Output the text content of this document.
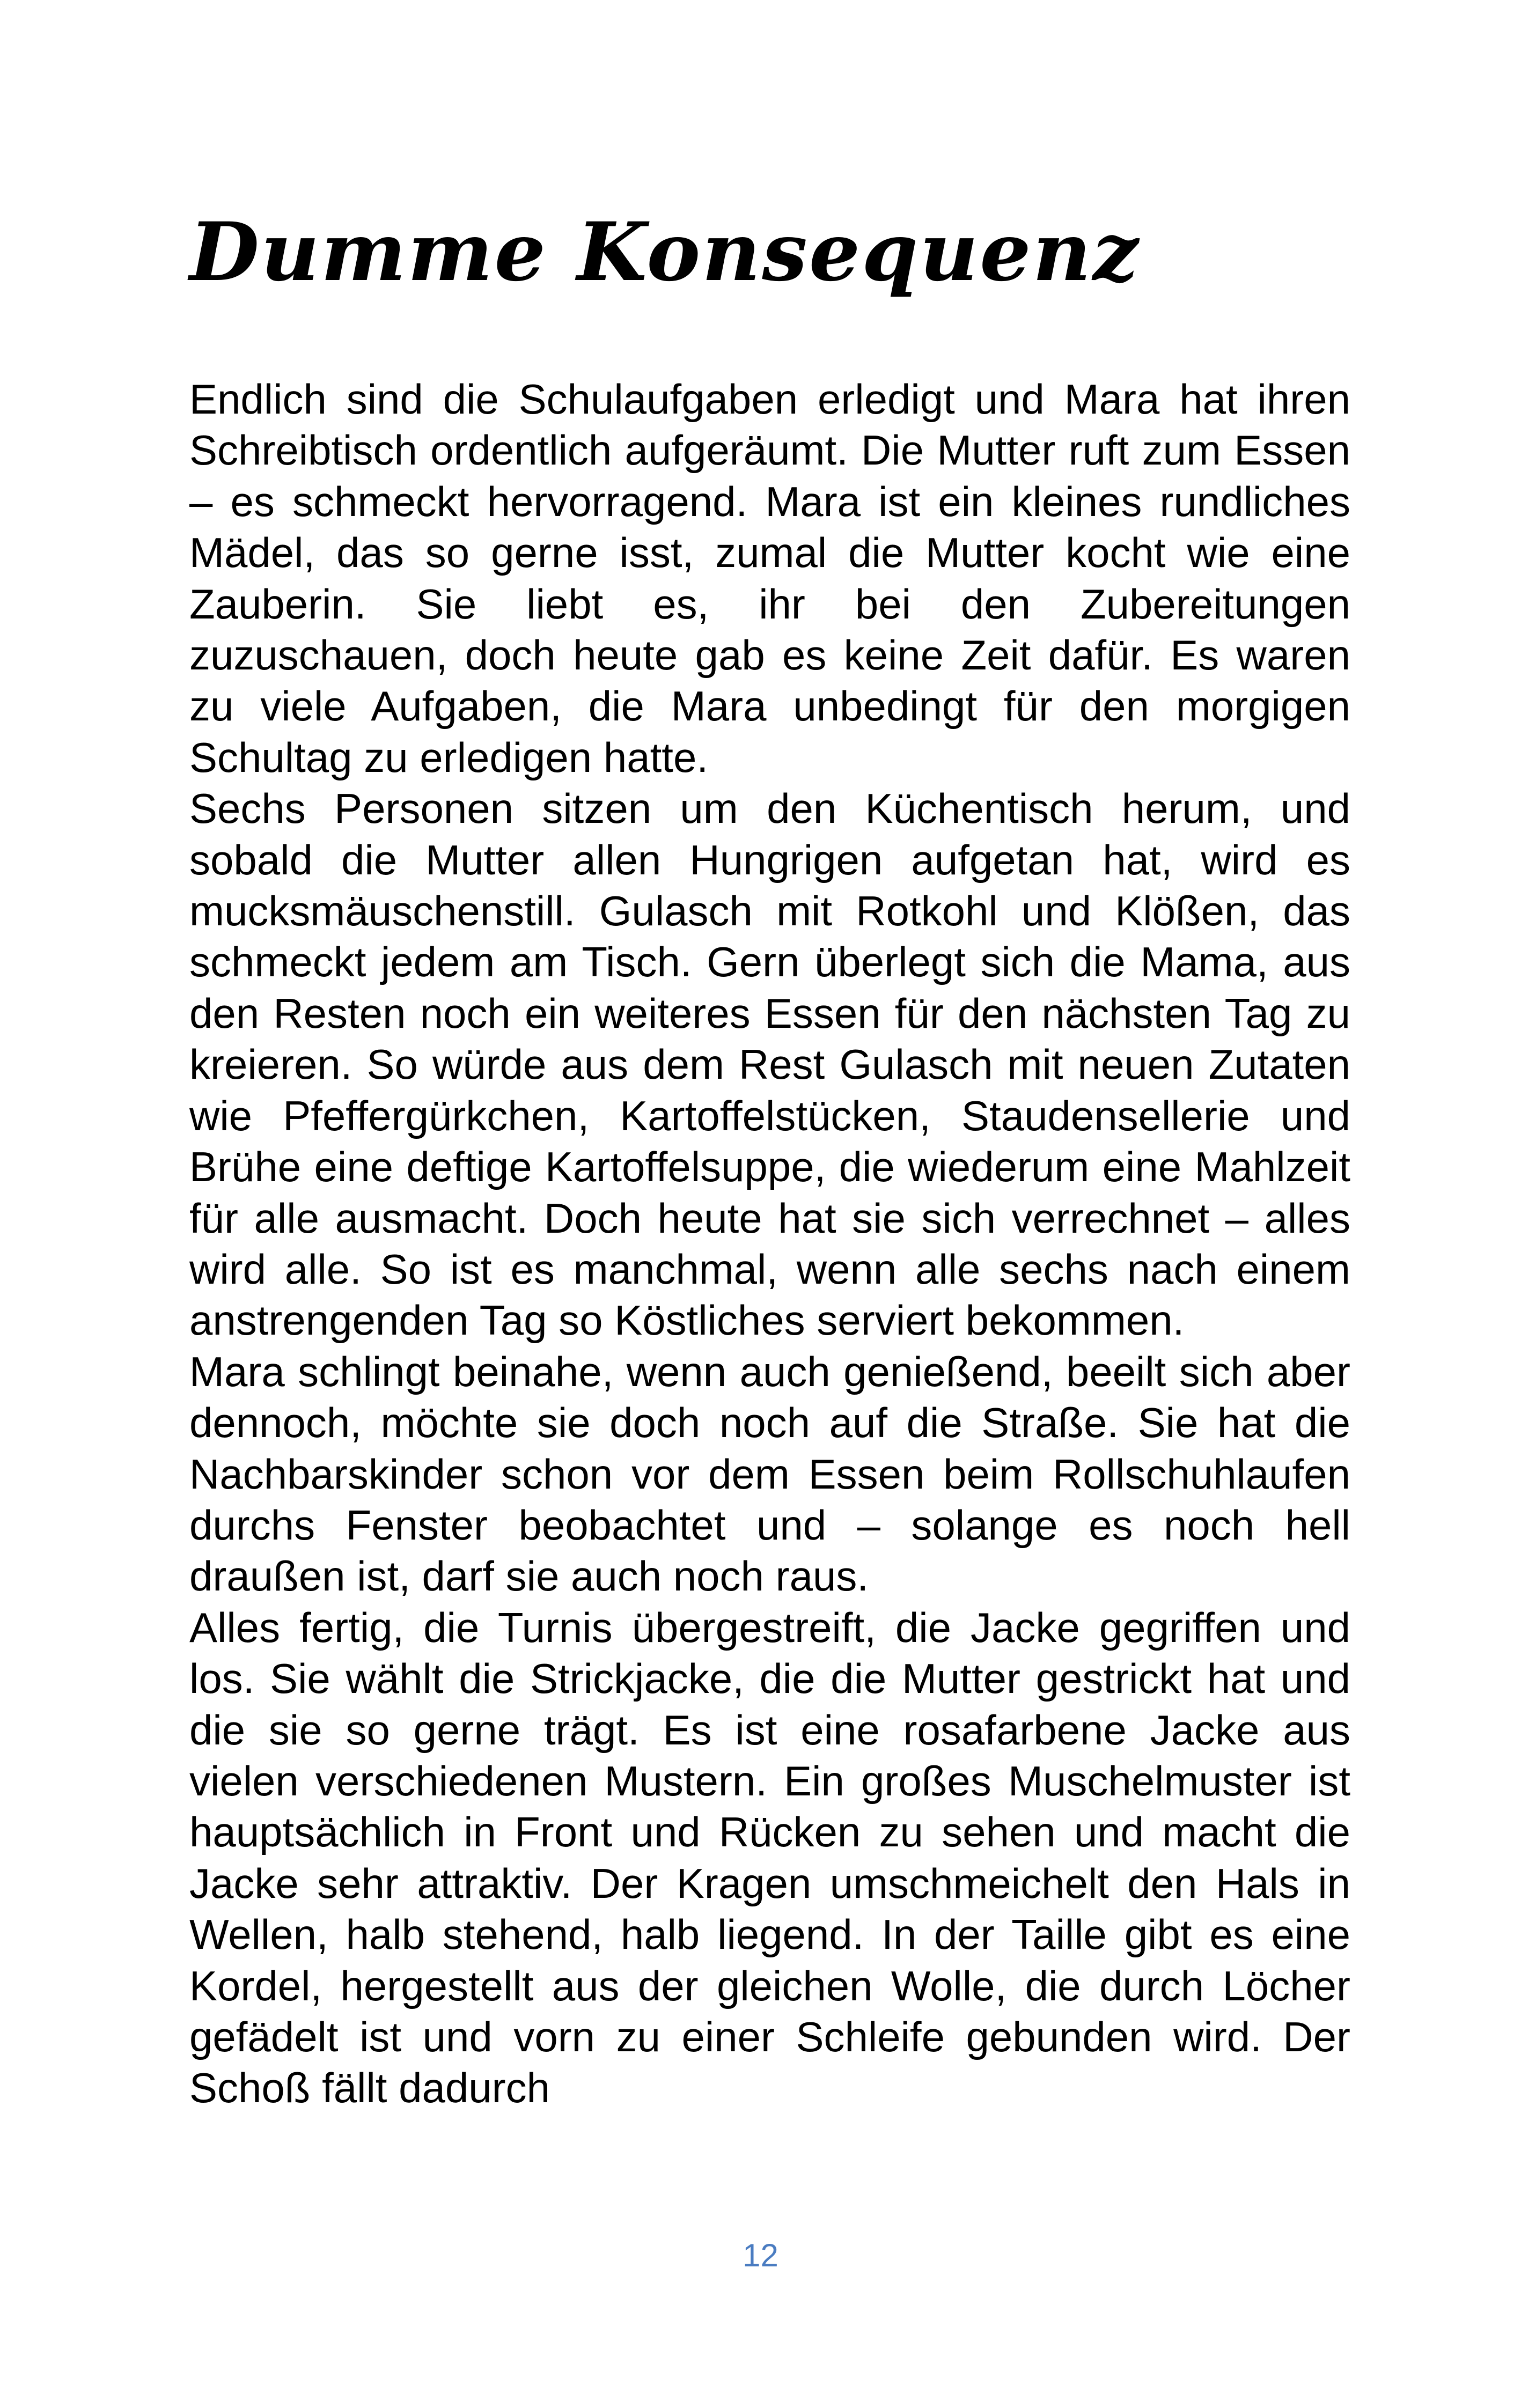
Dumme Konsequenz

Endlich sind die Schulaufgaben erledigt und Mara hat ihren Schreibtisch ordentlich aufgeräumt. Die Mutter ruft zum Essen – es schmeckt hervorragend. Mara ist ein kleines rundliches Mädel, das so gerne isst, zumal die Mutter kocht wie eine Zauberin. Sie liebt es, ihr bei den Zubereitungen zuzuschauen, doch heute gab es keine Zeit dafür. Es waren zu viele Aufgaben, die Mara unbedingt für den morgigen Schultag zu erledigen hatte.

Sechs Personen sitzen um den Küchentisch herum, und sobald die Mutter allen Hungrigen aufgetan hat, wird es mucksmäuschenstill. Gulasch mit Rotkohl und Klößen, das schmeckt jedem am Tisch. Gern überlegt sich die Mama, aus den Resten noch ein weiteres Essen für den nächsten Tag zu kreieren. So würde aus dem Rest Gulasch mit neuen Zutaten wie Pfeffergürkchen, Kartoffelstücken, Staudensellerie und Brühe eine deftige Kartoffelsuppe, die wiederum eine Mahlzeit für alle ausmacht. Doch heute hat sie sich verrechnet – alles wird alle. So ist es manchmal, wenn alle sechs nach einem anstrengenden Tag so Köstliches serviert bekommen.

Mara schlingt beinahe, wenn auch genießend, beeilt sich aber dennoch, möchte sie doch noch auf die Straße. Sie hat die Nachbarskinder schon vor dem Essen beim Rollschuhlaufen durchs Fenster beobachtet und – solange es noch hell draußen ist, darf sie auch noch raus.

Alles fertig, die Turnis übergestreift, die Jacke gegriffen und los. Sie wählt die Strickjacke, die die Mutter gestrickt hat und die sie so gerne trägt. Es ist eine rosafarbene Jacke aus vielen verschiedenen Mustern. Ein großes Muschelmuster ist hauptsächlich in Front und Rücken zu sehen und macht die Jacke sehr attraktiv. Der Kragen umschmeichelt den Hals in Wellen, halb stehend, halb liegend. In der Taille gibt es eine Kordel, hergestellt aus der gleichen Wolle, die durch Löcher gefädelt ist und vorn zu einer Schleife gebunden wird. Der Schoß fällt dadurch

12
